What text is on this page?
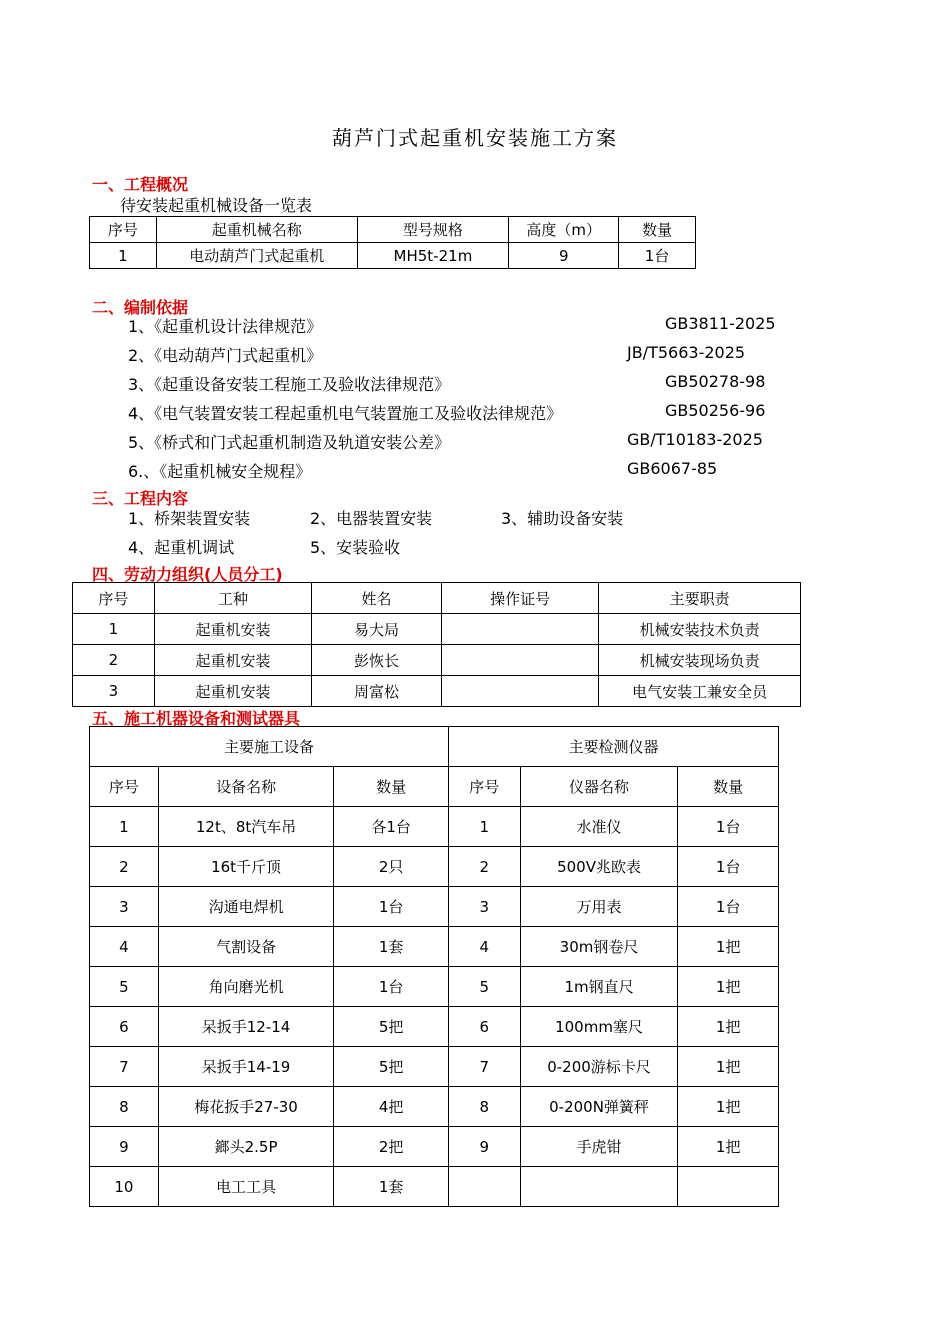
葫芦门式起重机安装施工方案
一、工程概况
待安装起重机械设备一览表
序号	起重机械名称	型号规格	高度（m）	数量
1	电动葫芦门式起重机	MH5t-21m	9	1台
二、编制依据
1、《起重机设计法律规范》	GB3811-2025
2、《电动葫芦门式起重机》	JB/T5663-2025
3、《起重设备安装工程施工及验收法律规范》	GB50278-98
4、《电气装置安装工程起重机电气装置施工及验收法律规范》	GB50256-96
5、《桥式和门式起重机制造及轨道安装公差》	GB/T10183-2025
6.、《起重机械安全规程》	GB6067-85
三、工程内容
1、桥架装置安装	2、电器装置安装	3、辅助设备安装
4、起重机调试	5、安装验收
四、劳动力组织(人员分工)
序号	工种	姓名	操作证号	主要职责
1	起重机安装	易大局		机械安装技术负责
2	起重机安装	彭恢长		机械安装现场负责
3	起重机安装	周富松		电气安装工兼安全员
五、施工机器设备和测试器具
主要施工设备			主要检测仪器		
序号	设备名称	数量	序号	仪器名称	数量
1	12t、8t汽车吊	各1台	1	水准仪	1台
2	16t千斤顶	2只	2	500V兆欧表	1台
3	沟通电焊机	1台	3	万用表	1台
4	气割设备	1套	4	30m钢卷尺	1把
5	角向磨光机	1台	5	1m钢直尺	1把
6	呆扳手12-14	5把	6	100mm塞尺	1把
7	呆扳手14-19	5把	7	0-200游标卡尺	1把
8	梅花扳手27-30	4把	8	0-200N弹簧秤	1把
9	鎯头2.5P	2把	9	手虎钳	1把
10	电工工具	1套			
